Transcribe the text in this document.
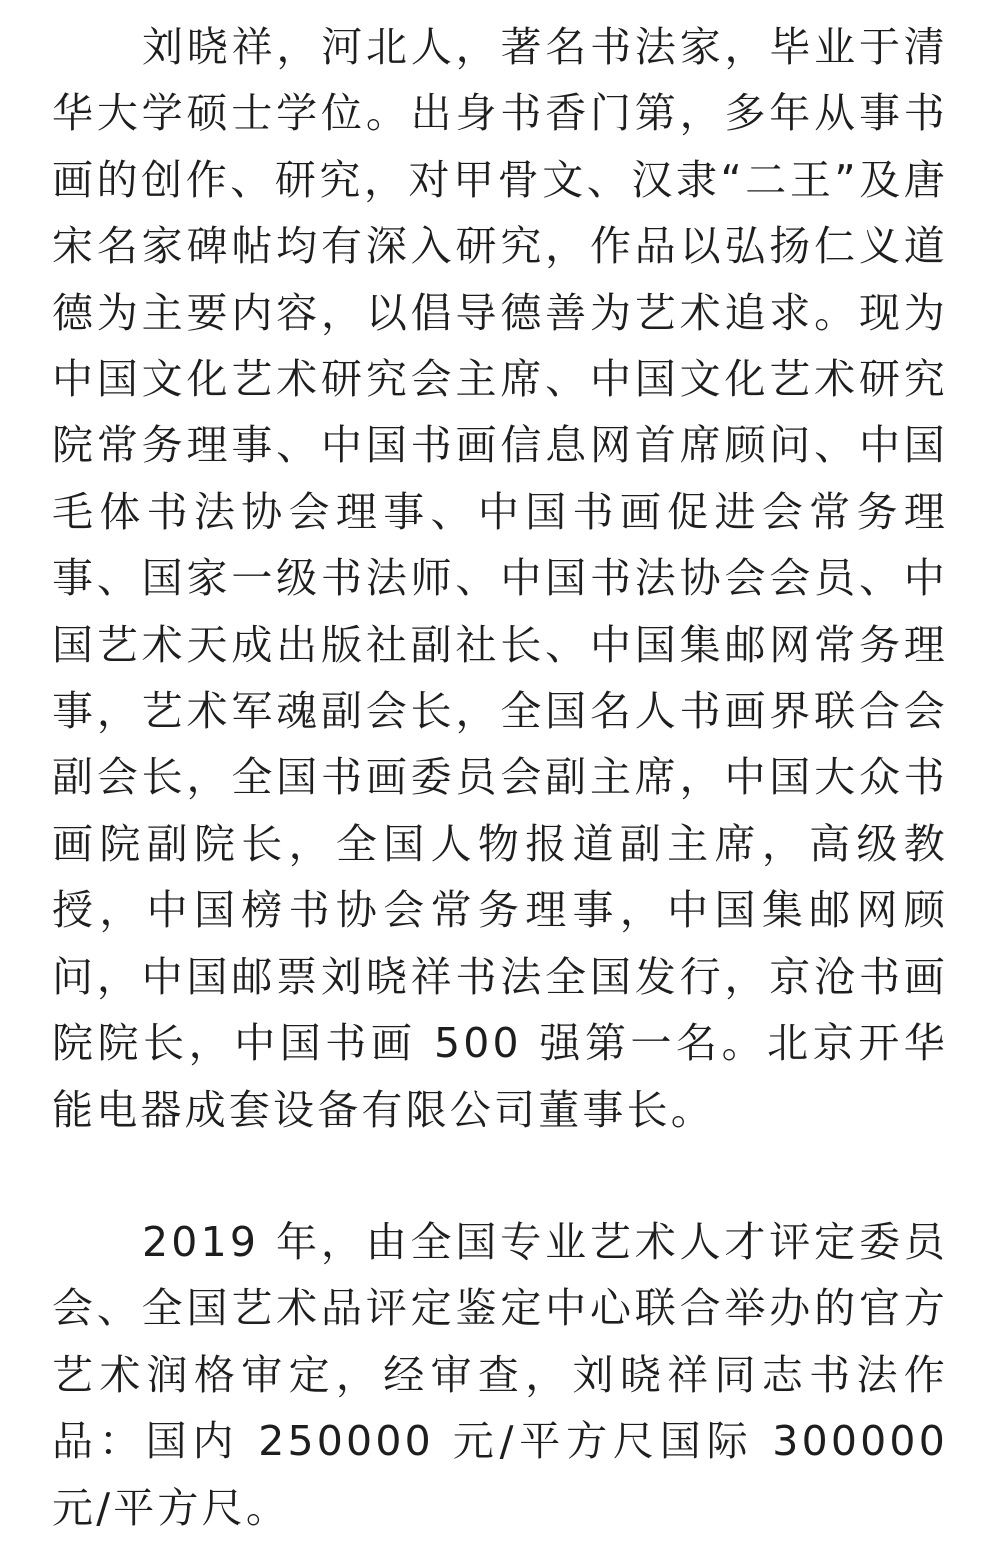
刘晓祥，河北人，著名书法家，毕业于清华大学硕士学位。出身书香门第，多年从事书画的创作、研究，对甲骨文、汉隶“二王”及唐宋名家碑帖均有深入研究，作品以弘扬仁义道德为主要内容，以倡导德善为艺术追求。现为中国文化艺术研究会主席、中国文化艺术研究院常务理事、中国书画信息网首席顾问、中国毛体书法协会理事、中国书画促进会常务理事、国家一级书法师、中国书法协会会员、中国艺术天成出版社副社长、中国集邮网常务理事，艺术军魂副会长，全国名人书画界联合会副会长，全国书画委员会副主席，中国大众书画院副院长，全国人物报道副主席，高级教授，中国榜书协会常务理事，中国集邮网顾问，中国邮票刘晓祥书法全国发行，京沧书画院院长，中国书画 500 强第一名。北京开华能电器成套设备有限公司董事长。

2019 年，由全国专业艺术人才评定委员会、全国艺术品评定鉴定中心联合举办的官方艺术润格审定，经审查，刘晓祥同志书法作品：国内 250000 元/平方尺国际 300000 元/平方尺。
